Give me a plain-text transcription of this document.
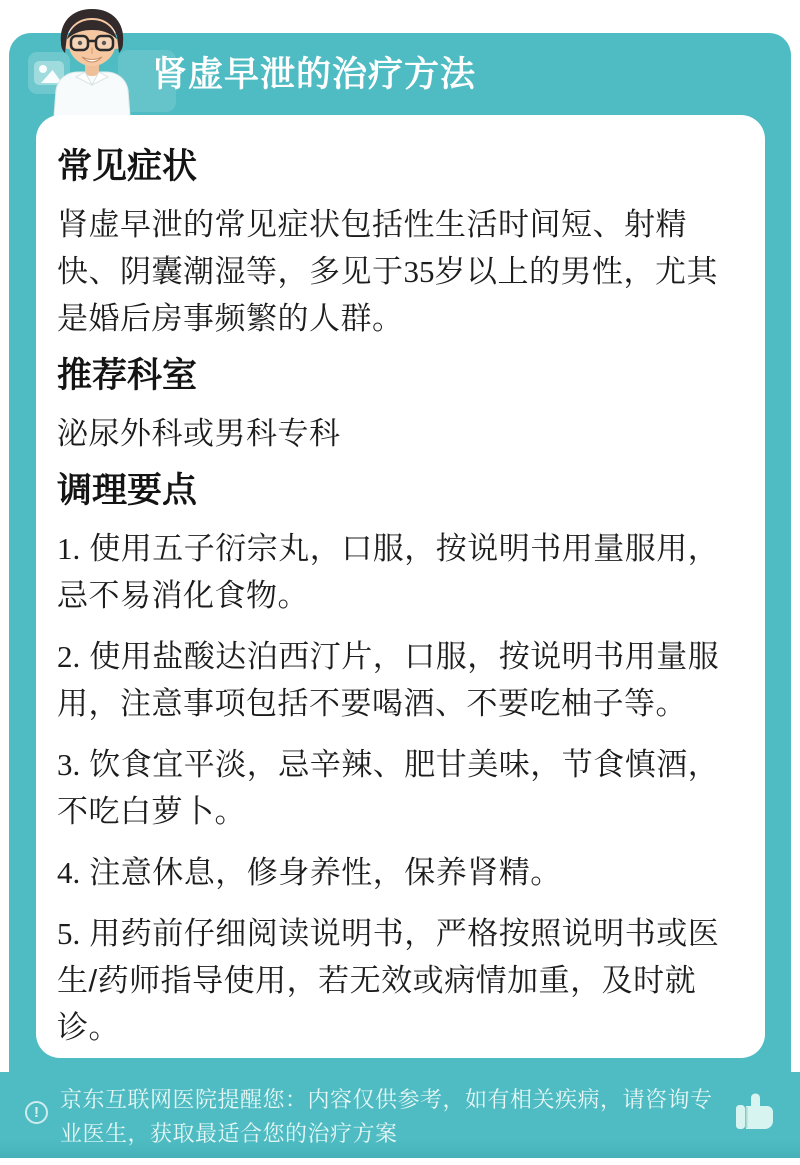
肾虚早泄的治疗方法
常见症状

肾虚早泄的常见症状包括性生活时间短、射精快、阴囊潮湿等，多见于35岁以上的男性，尤其是婚后房事频繁的人群。

推荐科室

泌尿外科或男科专科

调理要点

1. 使用五子衍宗丸，口服，按说明书用量服用，忌不易消化食物。

2. 使用盐酸达泊西汀片，口服，按说明书用量服用，注意事项包括不要喝酒、不要吃柚子等。

3. 饮食宜平淡，忌辛辣、肥甘美味，节食慎酒，不吃白萝卜。

4. 注意休息，修身养性，保养肾精。

5. 用药前仔细阅读说明书，严格按照说明书或医生/药师指导使用，若无效或病情加重，及时就诊。

!
京东互联网医院提醒您：内容仅供参考，如有相关疾病，请咨询专业医生，获取最适合您的治疗方案
